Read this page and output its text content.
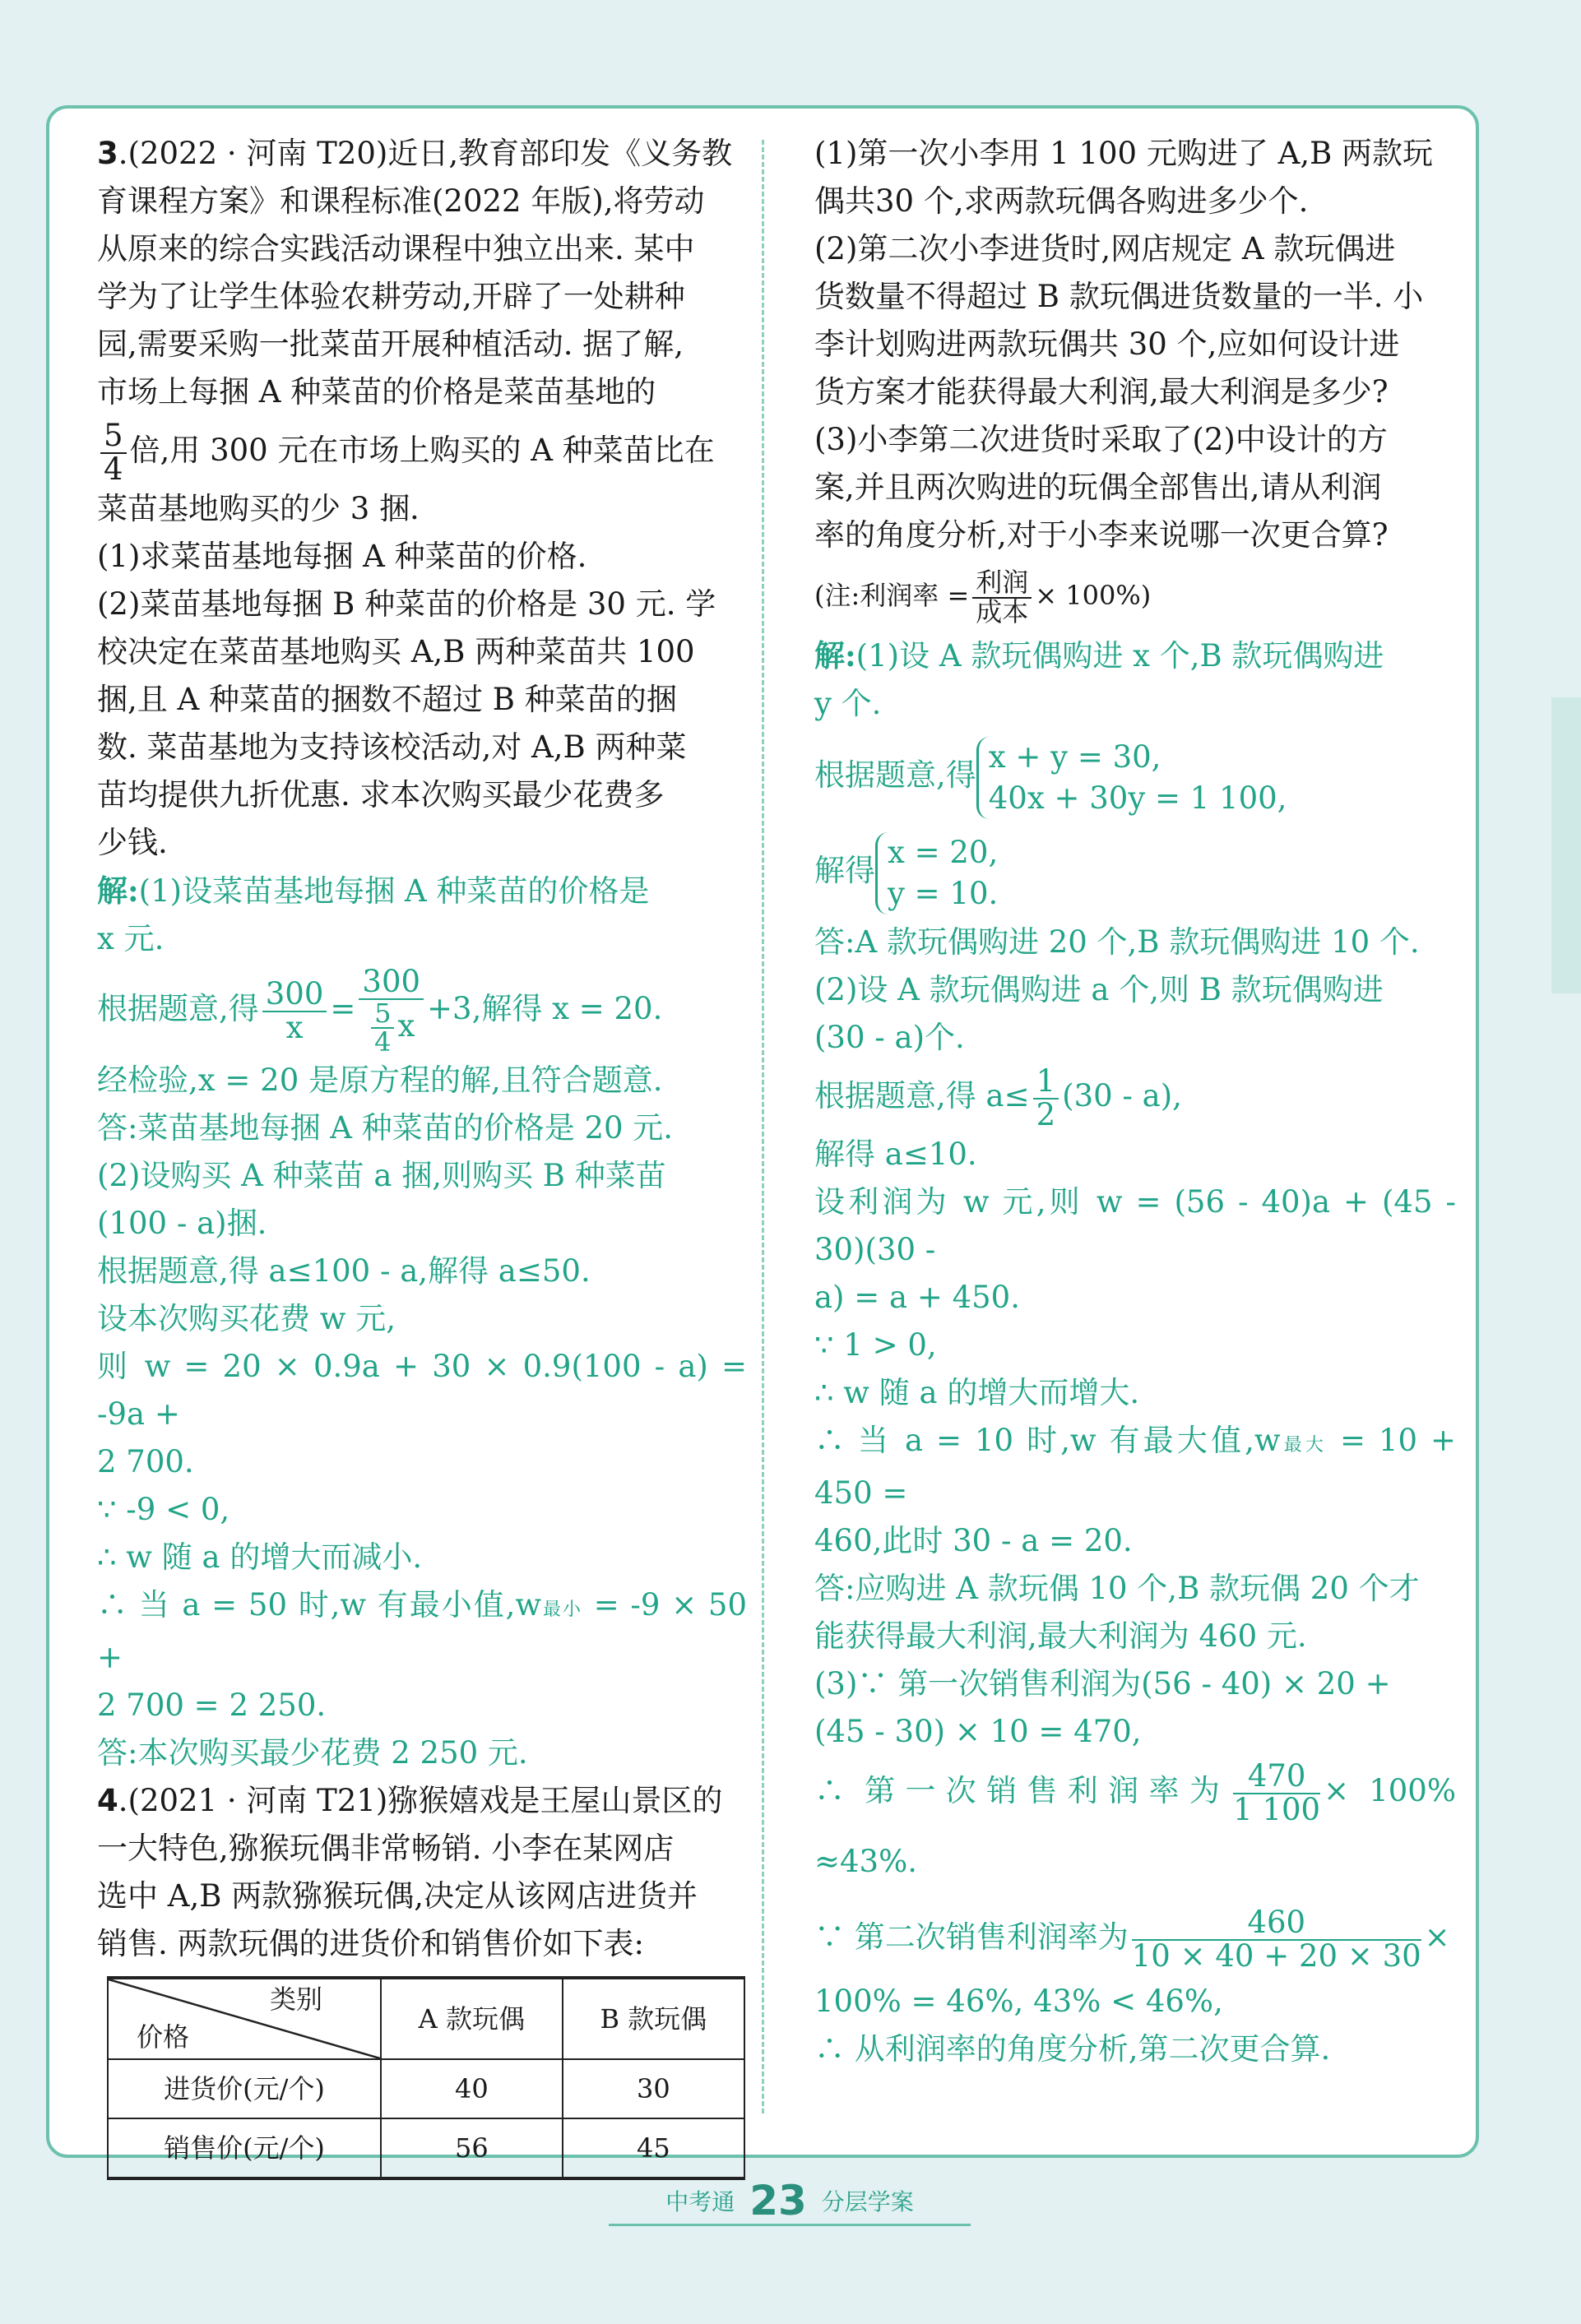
3.(2022 · 河南 T20)近日,教育部印发《义务教

育课程方案》和课程标准(2022 年版),将劳动

从原来的综合实践活动课程中独立出来. 某中

学为了让学生体验农耕劳动,开辟了一处耕种

园,需要采购一批菜苗开展种植活动. 据了解,

市场上每捆 A 种菜苗的价格是菜苗基地的

$\frac{5}{4}$ 倍,用 300 元在市场上购买的 A 种菜苗比在

菜苗基地购买的少 3 捆.

(1)求菜苗基地每捆 A 种菜苗的价格.

(2)菜苗基地每捆 B 种菜苗的价格是 30 元. 学

校决定在菜苗基地购买 A,B 两种菜苗共 100

捆,且 A 种菜苗的捆数不超过 B 种菜苗的捆

数. 菜苗基地为支持该校活动,对 A,B 两种菜

苗均提供九折优惠. 求本次购买最少花费多

少钱.

解:(1)设菜苗基地每捆 A 种菜苗的价格是

x 元.

根据题意,得 $\frac{300}{x} = \frac{300}{\frac{5}{4} x} +3$,解得 x = 20.

经检验,x = 20 是原方程的解,且符合题意.

答:菜苗基地每捆 A 种菜苗的价格是 20 元.

(2)设购买 A 种菜苗 a 捆,则购买 B 种菜苗

(100 - a)捆.

根据题意,得 a≤100 - a,解得 a≤50.

设本次购买花费 w 元,

则 w = 20 × 0.9a + 30 × 0.9(100 - a) = -9a +

2 700.

∵ -9 < 0,

∴ w 随 a 的增大而减小.

∴ 当 a = 50 时,w 有最小值,w最小 = -9 × 50 +

2 700 = 2 250.

答:本次购买最少花费 2 250 元.

4.(2021 · 河南 T21)猕猴嬉戏是王屋山景区的

一大特色,猕猴玩偶非常畅销. 小李在某网店

选中 A,B 两款猕猴玩偶,决定从该网店进货并

销售. 两款玩偶的进货价和销售价如下表:

类别
价格	A 款玩偶	B 款玩偶
进货价(元/个)	40	30
销售价(元/个)	56	45

(1)第一次小李用 1 100 元购进了 A,B 两款玩

偶共30 个,求两款玩偶各购进多少个.

(2)第二次小李进货时,网店规定 A 款玩偶进

货数量不得超过 B 款玩偶进货数量的一半. 小

李计划购进两款玩偶共 30 个,应如何设计进

货方案才能获得最大利润,最大利润是多少?

(3)小李第二次进货时采取了(2)中设计的方

案,并且两次购进的玩偶全部售出,请从利润

率的角度分析,对于小李来说哪一次更合算?

(注:利润率 = $\frac{\text{利润}}{\text{成本}} \times 100\%$)

解:(1)设 A 款玩偶购进 x 个,B 款玩偶购进

y 个.

根据题意,得
x + y = 30,
40x + 30y = 1 100,

解得
x = 20,
y = 10.

答:A 款玩偶购进 20 个,B 款玩偶购进 10 个.

(2)设 A 款玩偶购进 a 个,则 B 款玩偶购进

(30 - a)个.

根据题意,得 $a\le \frac{1}{2} (30 - a)$,

解得 a≤10.

设利润为 w 元,则 w = (56 - 40)a + (45 - 30)(30 -

a) = a + 450.

∵ 1 > 0,

∴ w 随 a 的增大而增大.

∴ 当 a = 10 时,w 有最大值,w最大 = 10 + 450 =

460,此时 30 - a = 20.

答:应购进 A 款玩偶 10 个,B 款玩偶 20 个才

能获得最大利润,最大利润为 460 元.

(3)∵ 第一次销售利润为(56 - 40) × 20 +

(45 - 30) × 10 = 470,

∴ 第一次销售利润率为 $\frac{470}{1 100} \times 100\% \approx 43\%$.

∵ 第二次销售利润率为 $\frac{460}{10 \times 40 + 20 \times 30}$ ×

100% = 46%, 43% < 46%,

∴ 从利润率的角度分析,第二次更合算.

中考通 23 分层学案
